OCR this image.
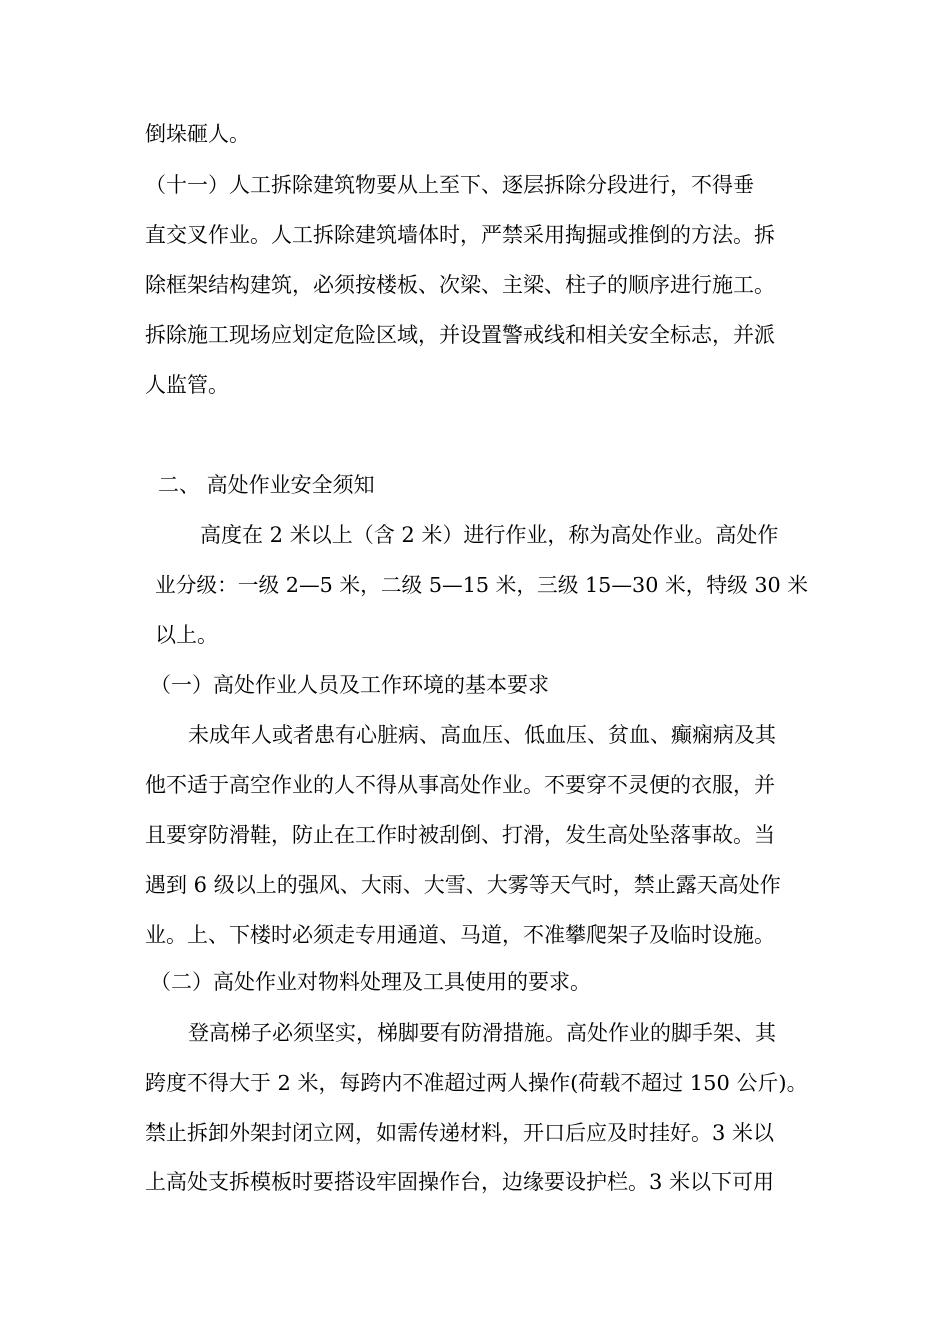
倒垛砸人。
（十一）人工拆除建筑物要从上至下、逐层拆除分段进行，不得垂
直交叉作业。人工拆除建筑墙体时，严禁采用掏掘或推倒的方法。拆
除框架结构建筑，必须按楼板、次梁、主梁、柱子的顺序进行施工。
拆除施工现场应划定危险区域，并设置警戒线和相关安全标志，并派
人监管。
二、 高处作业安全须知
高度在 2 米以上（含 2 米）进行作业，称为高处作业。高处作
业分级：一级 2—5 米，二级 5—15 米，三级 15—30 米，特级 30 米
以上。
（一）高处作业人员及工作环境的基本要求
未成年人或者患有心脏病、高血压、低血压、贫血、癫痫病及其
他不适于高空作业的人不得从事高处作业。不要穿不灵便的衣服，并
且要穿防滑鞋，防止在工作时被刮倒、打滑，发生高处坠落事故。当
遇到 6 级以上的强风、大雨、大雪、大雾等天气时，禁止露天高处作
业。上、下楼时必须走专用通道、马道，不准攀爬架子及临时设施。
（二）高处作业对物料处理及工具使用的要求。
登高梯子必须坚实，梯脚要有防滑措施。高处作业的脚手架、其
跨度不得大于 2 米，每跨内不准超过两人操作(荷载不超过 150 公斤)。
禁止拆卸外架封闭立网，如需传递材料，开口后应及时挂好。3 米以
上高处支拆模板时要搭设牢固操作台，边缘要设护栏。3 米以下可用
